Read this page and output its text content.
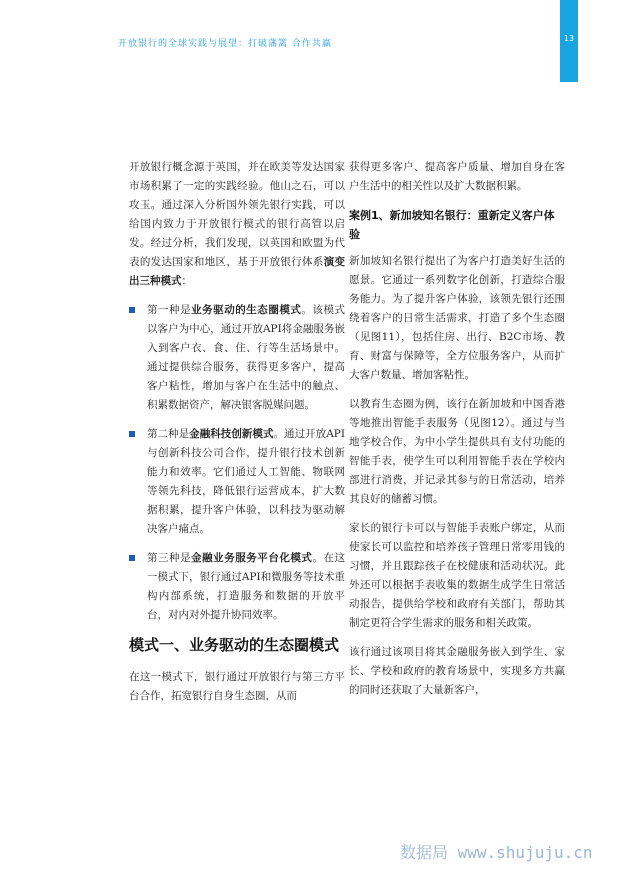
开放银行的全球实践与展望：打破藩篱 合作共赢
13

开放银行概念源于英国，并在欧美等发达国家市场积累了一定的实践经验。他山之石，可以攻玉。通过深入分析国外领先银行实践，可以给国内致力于开放银行模式的银行高管以启发。经过分析，我们发现，以英国和欧盟为代表的发达国家和地区，基于开放银行体系演变出三种模式：

第一种是业务驱动的生态圈模式。该模式以客户为中心，通过开放API将金融服务嵌入到客户衣、食、住、行等生活场景中。通过提供综合服务，获得更多客户，提高客户粘性，增加与客户在生活中的触点、积累数据资产，解决银客脱媒问题。
第二种是金融科技创新模式。通过开放API与创新科技公司合作，提升银行技术创新能力和效率。它们通过人工智能、物联网等领先科技，降低银行运营成本，扩大数据积累，提升客户体验，以科技为驱动解决客户痛点。
第三种是金融业务服务平台化模式。在这一模式下，银行通过API和微服务等技术重构内部系统，打造服务和数据的开放平台，对内对外提升协同效率。
模式一、业务驱动的生态圈模式

在这一模式下，银行通过开放银行与第三方平台合作，拓宽银行自身生态圈，从而

获得更多客户、提高客户质量、增加自身在客户生活中的相关性以及扩大数据积累。

案例1、新加坡知名银行：重新定义客户体验

新加坡知名银行提出了为客户打造美好生活的愿景。它通过一系列数字化创新，打造综合服务能力。为了提升客户体验，该领先银行还围绕着客户的日常生活需求，打造了多个生态圈（见图11），包括住房、出行、B2C市场、教育、财富与保障等，全方位服务客户，从而扩大客户数量、增加客粘性。

以教育生态圈为例，该行在新加坡和中国香港等地推出智能手表服务（见图12）。通过与当地学校合作，为中小学生提供具有支付功能的智能手表，使学生可以利用智能手表在学校内部进行消费，并记录其参与的日常活动，培养其良好的储蓄习惯。

家长的银行卡可以与智能手表账户绑定，从而使家长可以监控和培养孩子管理日常零用钱的习惯，并且跟踪孩子在校健康和活动状况。此外还可以根据手表收集的数据生成学生日常活动报告，提供给学校和政府有关部门，帮助其制定更符合学生需求的服务和相关政策。

该行通过该项目将其金融服务嵌入到学生、家长、学校和政府的教育场景中，实现多方共赢的同时还获取了大量新客户，

数据局 www.shujuju.cn
